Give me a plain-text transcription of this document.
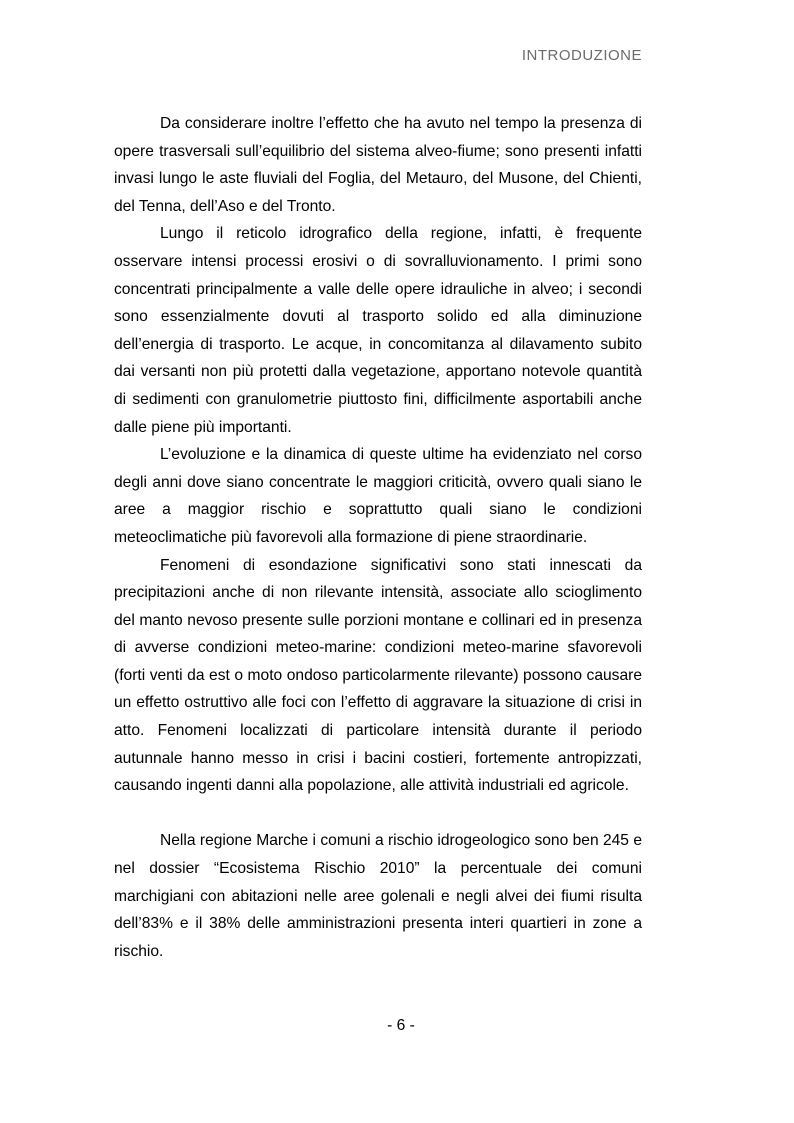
INTRODUZIONE

Da considerare inoltre l’effetto che ha avuto nel tempo la presenza di opere trasversali sull’equilibrio del sistema alveo-fiume; sono presenti infatti invasi lungo le aste fluviali del Foglia, del Metauro, del Musone, del Chienti, del Tenna, dell’Aso e del Tronto.

Lungo il reticolo idrografico della regione, infatti, è frequente osservare intensi processi erosivi o di sovralluvionamento. I primi sono concentrati principalmente a valle delle opere idrauliche in alveo; i secondi sono essenzialmente dovuti al trasporto solido ed alla diminuzione dell’energia di trasporto. Le acque, in concomitanza al dilavamento subito dai versanti non più protetti dalla vegetazione, apportano notevole quantità di sedimenti con granulometrie piuttosto fini, difficilmente asportabili anche dalle piene più importanti.

L’evoluzione e la dinamica di queste ultime ha evidenziato nel corso degli anni dove siano concentrate le maggiori criticità, ovvero quali siano le aree a maggior rischio e soprattutto quali siano le condizioni meteoclimatiche più favorevoli alla formazione di piene straordinarie.

Fenomeni di esondazione significativi sono stati innescati da precipitazioni anche di non rilevante intensità, associate allo scioglimento del manto nevoso presente sulle porzioni montane e collinari ed in presenza di avverse condizioni meteo-marine: condizioni meteo-marine sfavorevoli (forti venti da est o moto ondoso particolarmente rilevante) possono causare un effetto ostruttivo alle foci con l’effetto di aggravare la situazione di crisi in atto. Fenomeni localizzati di particolare intensità durante il periodo autunnale hanno messo in crisi i bacini costieri, fortemente antropizzati, causando ingenti danni alla popolazione, alle attività industriali ed agricole.

Nella regione Marche i comuni a rischio idrogeologico sono ben 245 e nel dossier “Ecosistema Rischio 2010” la percentuale dei comuni marchigiani con abitazioni nelle aree golenali e negli alvei dei fiumi risulta dell’83% e il 38% delle amministrazioni presenta interi quartieri in zone a rischio.

- 6 -
